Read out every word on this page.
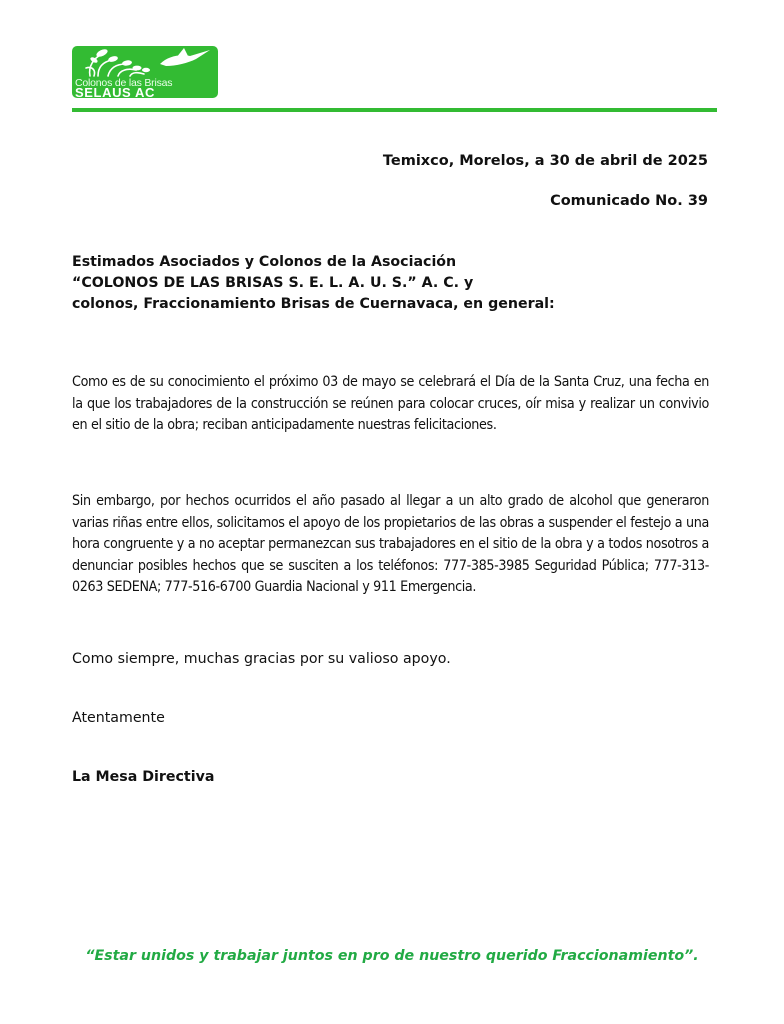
Colonos de las Brisas
SELAUS AC
Temixco, Morelos, a 30 de abril de 2025
Comunicado No. 39
Estimados Asociados y Colonos de la Asociación
“COLONOS DE LAS BRISAS S. E. L. A. U. S.” A. C. y
colonos, Fraccionamiento Brisas de Cuernavaca, en general:
Como es de su conocimiento el próximo 03 de mayo se celebrará el Día de la Santa Cruz, una fecha en la que los trabajadores de la construcción se reúnen para colocar cruces, oír misa y realizar un convivio en el sitio de la obra; reciban anticipadamente nuestras felicitaciones.
Sin embargo, por hechos ocurridos el año pasado al llegar a un alto grado de alcohol que generaron varias riñas entre ellos, solicitamos el apoyo de los propietarios de las obras a suspender el festejo a una hora congruente y a no aceptar permanezcan sus trabajadores en el sitio de la obra y a todos nosotros a denunciar posibles hechos que se susciten a los teléfonos: 777-385-3985 Seguridad Pública; 777-313-0263 SEDENA; 777-516-6700 Guardia Nacional y 911 Emergencia.
Como siempre, muchas gracias por su valioso apoyo.
Atentamente
La Mesa Directiva
“Estar unidos y trabajar juntos en pro de nuestro querido Fraccionamiento”.
